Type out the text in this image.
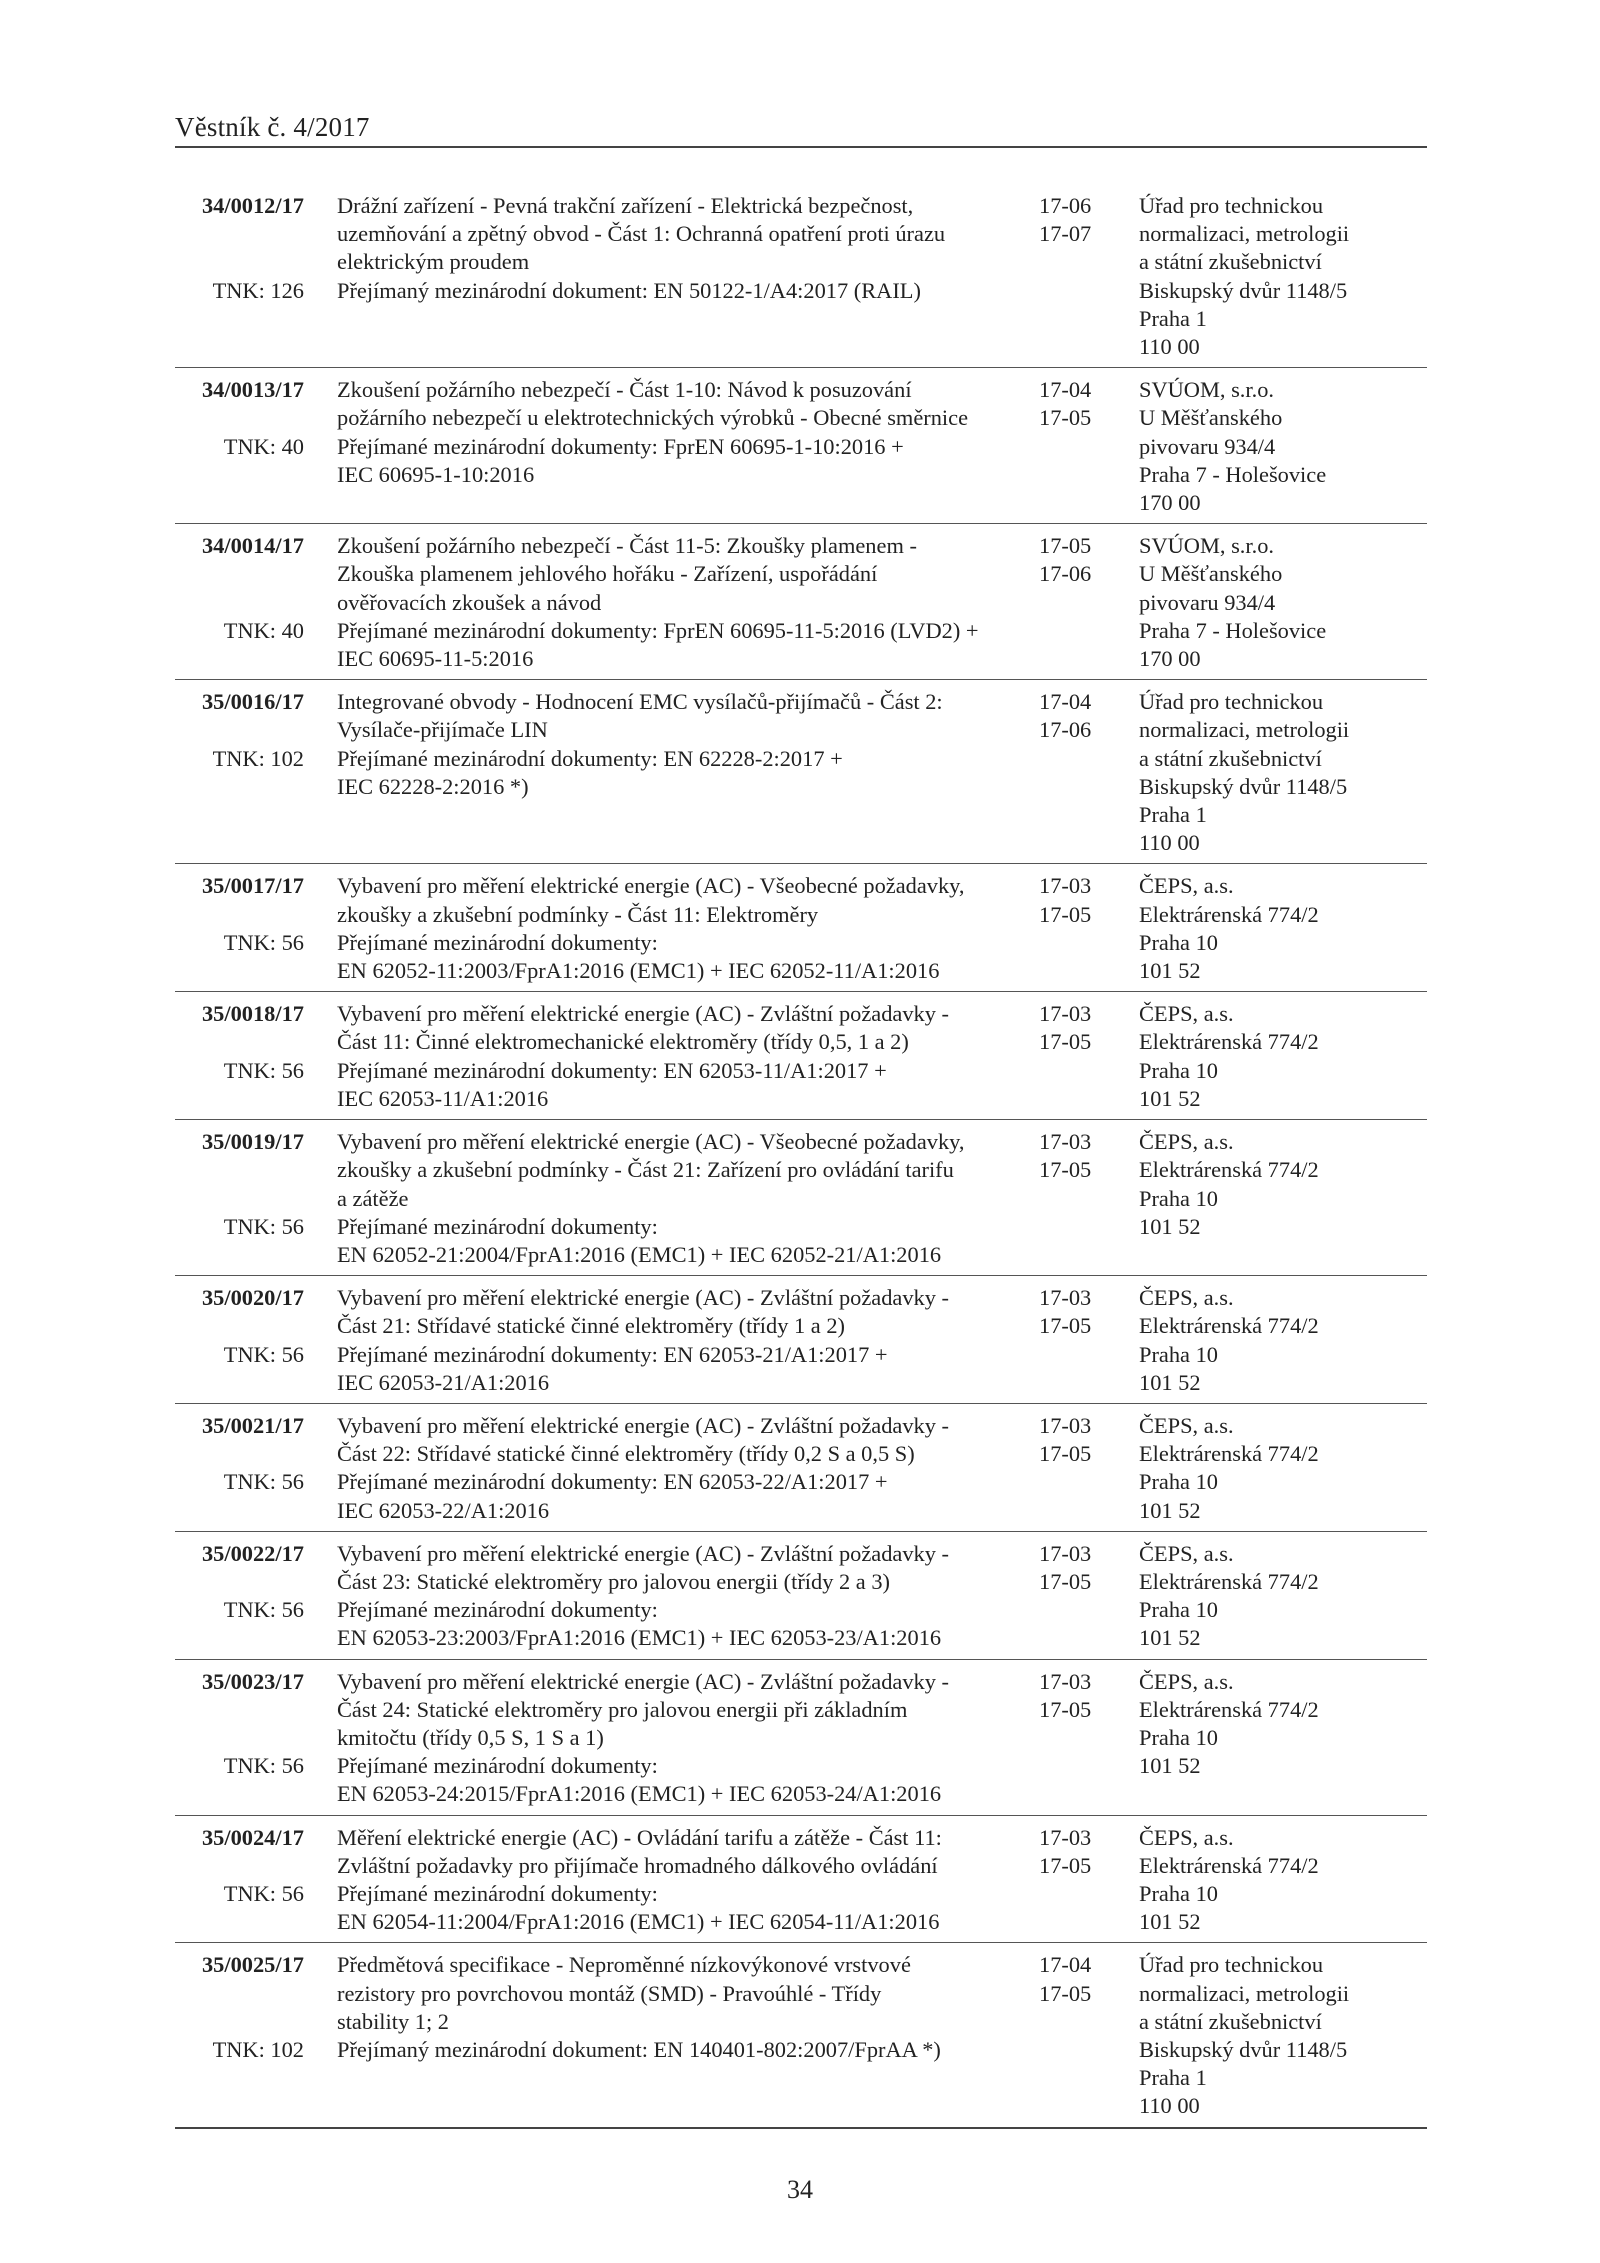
Věstník č. 4/2017
34/0012/17
TNK: 126
Drážní zařízení - Pevná trakční zařízení - Elektrická bezpečnost,
uzemňování a zpětný obvod - Část 1: Ochranná opatření proti úrazu
elektrickým proudem
Přejímaný mezinárodní dokument: EN 50122-1/A4:2017 (RAIL)
17-06
17-07
Úřad pro technickou
normalizaci, metrologii
a státní zkušebnictví
Biskupský dvůr 1148/5
Praha 1
110 00
34/0013/17
TNK: 40
Zkoušení požárního nebezpečí - Část 1-10: Návod k posuzování
požárního nebezpečí u elektrotechnických výrobků - Obecné směrnice
Přejímané mezinárodní dokumenty: FprEN 60695-1-10:2016 +
IEC 60695-1-10:2016
17-04
17-05
SVÚOM, s.r.o.
U Měšťanského
pivovaru 934/4
Praha 7 - Holešovice
170 00
34/0014/17
TNK: 40
Zkoušení požárního nebezpečí - Část 11-5: Zkoušky plamenem -
Zkouška plamenem jehlového hořáku - Zařízení, uspořádání
ověřovacích zkoušek a návod
Přejímané mezinárodní dokumenty: FprEN 60695-11-5:2016 (LVD2) +
IEC 60695-11-5:2016
17-05
17-06
SVÚOM, s.r.o.
U Měšťanského
pivovaru 934/4
Praha 7 - Holešovice
170 00
35/0016/17
TNK: 102
Integrované obvody - Hodnocení EMC vysílačů-přijímačů - Část 2:
Vysílače-přijímače LIN
Přejímané mezinárodní dokumenty: EN 62228-2:2017 +
IEC 62228-2:2016 *)
17-04
17-06
Úřad pro technickou
normalizaci, metrologii
a státní zkušebnictví
Biskupský dvůr 1148/5
Praha 1
110 00
35/0017/17
TNK: 56
Vybavení pro měření elektrické energie (AC) - Všeobecné požadavky,
zkoušky a zkušební podmínky - Část 11: Elektroměry
Přejímané mezinárodní dokumenty:
EN 62052-11:2003/FprA1:2016 (EMC1) + IEC 62052-11/A1:2016
17-03
17-05
ČEPS, a.s.
Elektrárenská 774/2
Praha 10
101 52
35/0018/17
TNK: 56
Vybavení pro měření elektrické energie (AC) - Zvláštní požadavky -
Část 11: Činné elektromechanické elektroměry (třídy 0,5, 1 a 2)
Přejímané mezinárodní dokumenty: EN 62053-11/A1:2017 +
IEC 62053-11/A1:2016
17-03
17-05
ČEPS, a.s.
Elektrárenská 774/2
Praha 10
101 52
35/0019/17
TNK: 56
Vybavení pro měření elektrické energie (AC) - Všeobecné požadavky,
zkoušky a zkušební podmínky - Část 21: Zařízení pro ovládání tarifu
a zátěže
Přejímané mezinárodní dokumenty:
EN 62052-21:2004/FprA1:2016 (EMC1) + IEC 62052-21/A1:2016
17-03
17-05
ČEPS, a.s.
Elektrárenská 774/2
Praha 10
101 52
35/0020/17
TNK: 56
Vybavení pro měření elektrické energie (AC) - Zvláštní požadavky -
Část 21: Střídavé statické činné elektroměry (třídy 1 a 2)
Přejímané mezinárodní dokumenty: EN 62053-21/A1:2017 +
IEC 62053-21/A1:2016
17-03
17-05
ČEPS, a.s.
Elektrárenská 774/2
Praha 10
101 52
35/0021/17
TNK: 56
Vybavení pro měření elektrické energie (AC) - Zvláštní požadavky -
Část 22: Střídavé statické činné elektroměry (třídy 0,2 S a 0,5 S)
Přejímané mezinárodní dokumenty: EN 62053-22/A1:2017 +
IEC 62053-22/A1:2016
17-03
17-05
ČEPS, a.s.
Elektrárenská 774/2
Praha 10
101 52
35/0022/17
TNK: 56
Vybavení pro měření elektrické energie (AC) - Zvláštní požadavky -
Část 23: Statické elektroměry pro jalovou energii (třídy 2 a 3)
Přejímané mezinárodní dokumenty:
EN 62053-23:2003/FprA1:2016 (EMC1) + IEC 62053-23/A1:2016
17-03
17-05
ČEPS, a.s.
Elektrárenská 774/2
Praha 10
101 52
35/0023/17
TNK: 56
Vybavení pro měření elektrické energie (AC) - Zvláštní požadavky -
Část 24: Statické elektroměry pro jalovou energii při základním
kmitočtu (třídy 0,5 S, 1 S a 1)
Přejímané mezinárodní dokumenty:
EN 62053-24:2015/FprA1:2016 (EMC1) + IEC 62053-24/A1:2016
17-03
17-05
ČEPS, a.s.
Elektrárenská 774/2
Praha 10
101 52
35/0024/17
TNK: 56
Měření elektrické energie (AC) - Ovládání tarifu a zátěže - Část 11:
Zvláštní požadavky pro přijímače hromadného dálkového ovládání
Přejímané mezinárodní dokumenty:
EN 62054-11:2004/FprA1:2016 (EMC1) + IEC 62054-11/A1:2016
17-03
17-05
ČEPS, a.s.
Elektrárenská 774/2
Praha 10
101 52
35/0025/17
TNK: 102
Předmětová specifikace - Neproměnné nízkovýkonové vrstvové
rezistory pro povrchovou montáž (SMD) - Pravoúhlé - Třídy
stability 1; 2
Přejímaný mezinárodní dokument: EN 140401-802:2007/FprAA *)
17-04
17-05
Úřad pro technickou
normalizaci, metrologii
a státní zkušebnictví
Biskupský dvůr 1148/5
Praha 1
110 00
34
